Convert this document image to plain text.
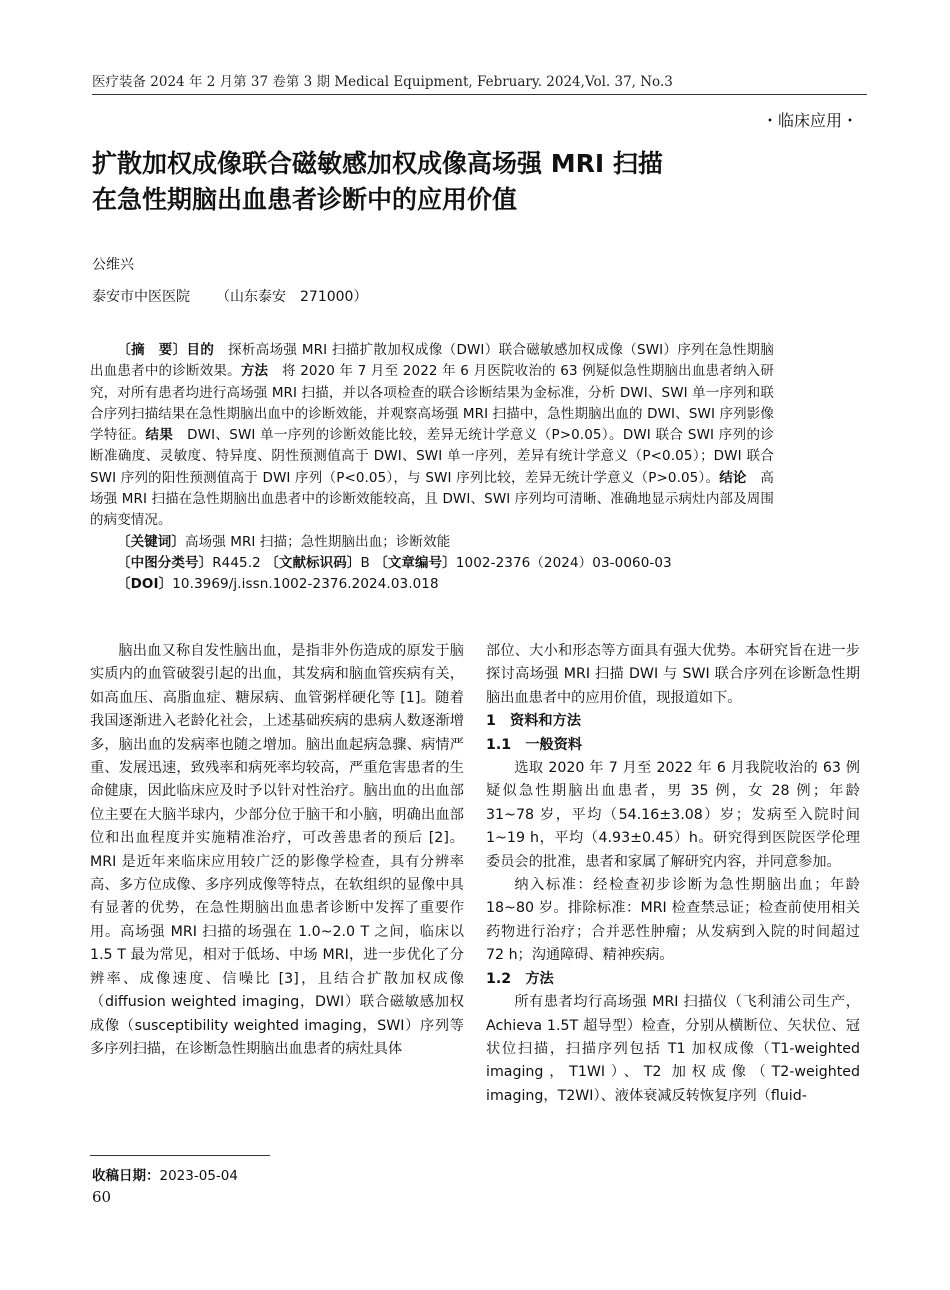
医疗装备 2024 年 2 月第 37 卷第 3 期 Medical Equipment, February. 2024,Vol. 37, No.3
・临床应用・
扩散加权成像联合磁敏感加权成像高场强 MRI 扫描
在急性期脑出血患者诊断中的应用价值
公维兴
泰安市中医医院 （山东泰安　271000）

〔摘　要〕目的　 探析高场强 MRI 扫描扩散加权成像（DWI）联合磁敏感加权成像（SWI）序列在急性期脑出血患者中的诊断效果。方法　 将 2020 年 7 月至 2022 年 6 月医院收治的 63 例疑似急性期脑出血患者纳入研究，对所有患者均进行高场强 MRI 扫描，并以各项检查的联合诊断结果为金标准，分析 DWI、SWI 单一序列和联合序列扫描结果在急性期脑出血中的诊断效能，并观察高场强 MRI 扫描中，急性期脑出血的 DWI、SWI 序列影像学特征。结果　 DWI、SWI 单一序列的诊断效能比较，差异无统计学意义（P>0.05）。DWI 联合 SWI 序列的诊断准确度、灵敏度、特异度、阴性预测值高于 DWI、SWI 单一序列，差异有统计学意义（P<0.05）；DWI 联合 SWI 序列的阳性预测值高于 DWI 序列（P<0.05），与 SWI 序列比较，差异无统计学意义（P>0.05）。结论　 高场强 MRI 扫描在急性期脑出血患者中的诊断效能较高，且 DWI、SWI 序列均可清晰、准确地显示病灶内部及周围的病变情况。

〔关键词〕高场强 MRI 扫描；急性期脑出血；诊断效能

〔中图分类号〕R445.2 〔文献标识码〕B 〔文章编号〕1002-2376（2024）03-0060-03

〔DOI〕10.3969/j.issn.1002-2376.2024.03.018

脑出血又称自发性脑出血，是指非外伤造成的原发于脑实质内的血管破裂引起的出血，其发病和脑血管疾病有关，如高血压、高脂血症、糖尿病、血管粥样硬化等 [1]。随着我国逐渐进入老龄化社会，上述基础疾病的患病人数逐渐增多，脑出血的发病率也随之增加。脑出血起病急骤、病情严重、发展迅速，致残率和病死率均较高，严重危害患者的生命健康，因此临床应及时予以针对性治疗。脑出血的出血部位主要在大脑半球内，少部分位于脑干和小脑，明确出血部位和出血程度并实施精准治疗，可改善患者的预后 [2]。MRI 是近年来临床应用较广泛的影像学检查，具有分辨率高、多方位成像、多序列成像等特点，在软组织的显像中具有显著的优势，在急性期脑出血患者诊断中发挥了重要作用。高场强 MRI 扫描的场强在 1.0~2.0 T 之间，临床以 1.5 T 最为常见，相对于低场、中场 MRI，进一步优化了分辨率、成像速度、信噪比 [3]，且结合扩散加权成像（diffusion weighted imaging，DWI）联合磁敏感加权成像（susceptibility weighted imaging，SWI）序列等多序列扫描，在诊断急性期脑出血患者的病灶具体

部位、大小和形态等方面具有强大优势。本研究旨在进一步探讨高场强 MRI 扫描 DWI 与 SWI 联合序列在诊断急性期脑出血患者中的应用价值，现报道如下。

1　资料和方法
1.1　一般资料

选取 2020 年 7 月至 2022 年 6 月我院收治的 63 例疑似急性期脑出血患者，男 35 例，女 28 例；年龄 31~78 岁，平均（54.16±3.08）岁；发病至入院时间 1~19 h，平均（4.93±0.45）h。研究得到医院医学伦理委员会的批准，患者和家属了解研究内容，并同意参加。

纳入标准：经检查初步诊断为急性期脑出血；年龄 18~80 岁。排除标准：MRI 检查禁忌证；检查前使用相关药物进行治疗；合并恶性肿瘤；从发病到入院的时间超过 72 h；沟通障碍、精神疾病。

1.2　方法

所有患者均行高场强 MRI 扫描仪（飞利浦公司生产，Achieva 1.5T 超导型）检查，分别从横断位、矢状位、冠状位扫描，扫描序列包括 T1 加权成像（T1-weighted imaging，T1WI）、T2 加权成像（T2-weighted imaging，T2WI）、液体衰减反转恢复序列（fluid-

收稿日期：2023-05-04
60
